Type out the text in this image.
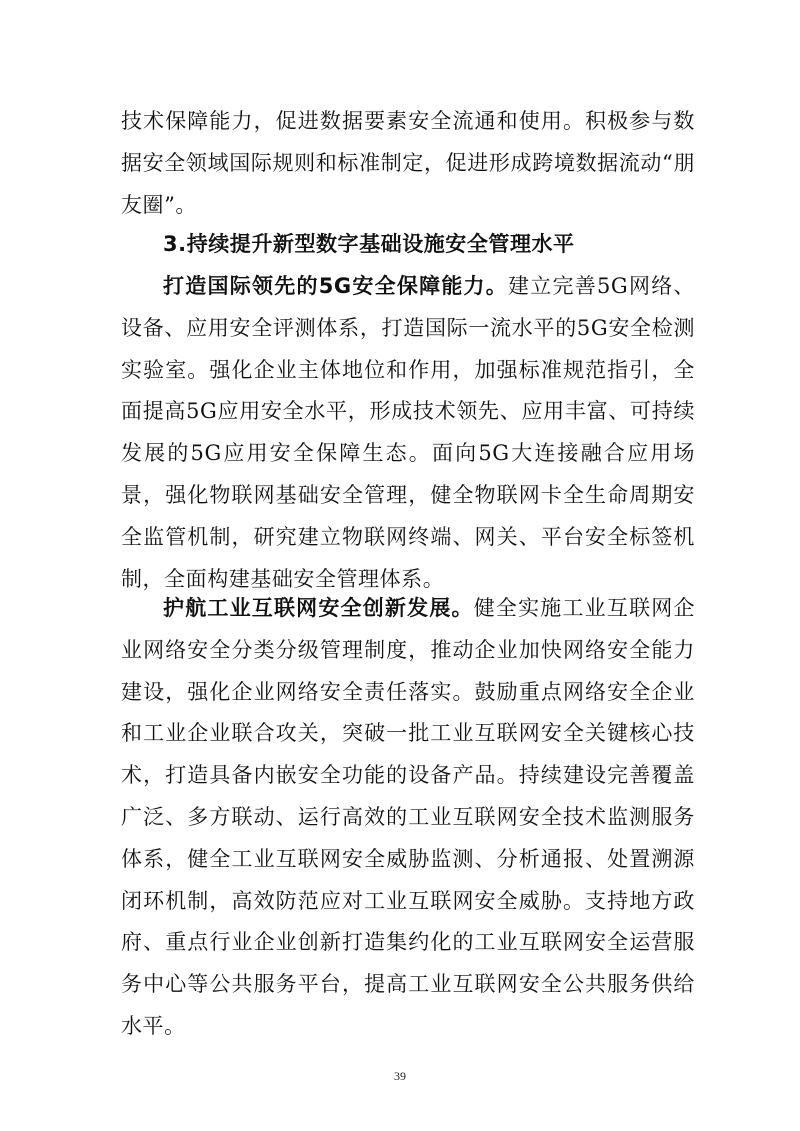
技术保障能力，促进数据要素安全流通和使用。积极参与数据安全领域国际规则和标准制定，促进形成跨境数据流动“朋友圈”。

3.持续提升新型数字基础设施安全管理水平

打造国际领先的5G安全保障能力。建立完善5G网络、设备、应用安全评测体系，打造国际一流水平的5G安全检测实验室。强化企业主体地位和作用，加强标准规范指引，全面提高5G应用安全水平，形成技术领先、应用丰富、可持续发展的5G应用安全保障生态。面向5G大连接融合应用场景，强化物联网基础安全管理，健全物联网卡全生命周期安全监管机制，研究建立物联网终端、网关、平台安全标签机制，全面构建基础安全管理体系。

护航工业互联网安全创新发展。健全实施工业互联网企业网络安全分类分级管理制度，推动企业加快网络安全能力建设，强化企业网络安全责任落实。鼓励重点网络安全企业和工业企业联合攻关，突破一批工业互联网安全关键核心技术，打造具备内嵌安全功能的设备产品。持续建设完善覆盖广泛、多方联动、运行高效的工业互联网安全技术监测服务体系，健全工业互联网安全威胁监测、分析通报、处置溯源闭环机制，高效防范应对工业互联网安全威胁。支持地方政府、重点行业企业创新打造集约化的工业互联网安全运营服务中心等公共服务平台，提高工业互联网安全公共服务供给水平。

39
